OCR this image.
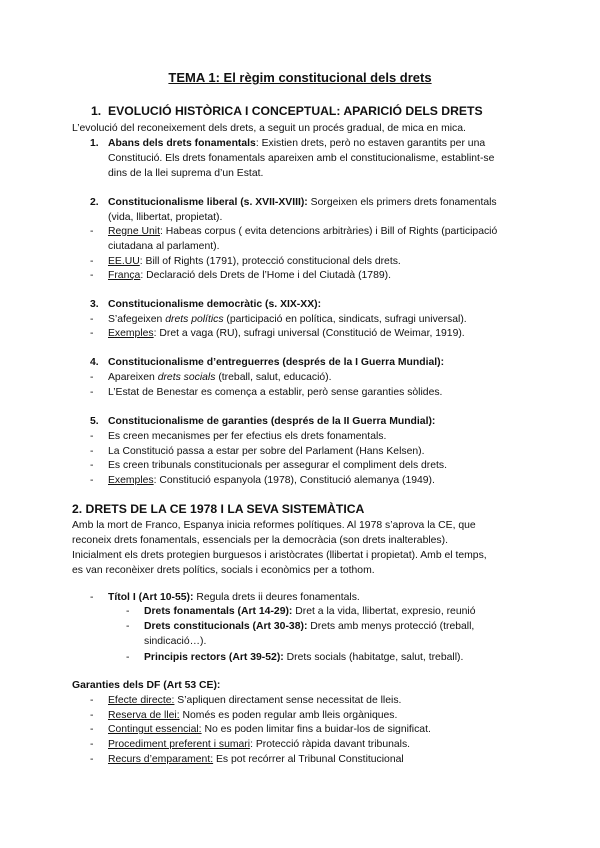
TEMA 1: El règim constitucional dels drets
1. EVOLUCIÓ HISTÒRICA I CONCEPTUAL: APARICIÓ DELS DRETS
L’evolució del reconeixement dels drets, a seguit un procés gradual, de mica en mica.
1. Abans dels drets fonamentals: Existien drets, però no estaven garantits per una
Constitució. Els drets fonamentals apareixen amb el constitucionalisme, establint-se
dins de la llei suprema d’un Estat.
2. Constitucionalisme liberal (s. XVII-XVIII): Sorgeixen els primers drets fonamentals
(vida, llibertat, propietat).
- Regne Unit: Habeas corpus ( evita detencions arbitràries) i Bill of Rights (participació
ciutadana al parlament).
- EE.UU: Bill of Rights (1791), protecció constitucional dels drets.
- França: Declaració dels Drets de l’Home i del Ciutadà (1789).
3. Constitucionalisme democràtic (s. XIX-XX):
- S’afegeixen drets polítics (participació en política, sindicats, sufragi universal).
- Exemples: Dret a vaga (RU), sufragi universal (Constitució de Weimar, 1919).
4. Constitucionalisme d’entreguerres (després de la I Guerra Mundial):
- Apareixen drets socials (treball, salut, educació).
- L’Estat de Benestar es comença a establir, però sense garanties sòlides.
5. Constitucionalisme de garanties (després de la II Guerra Mundial):
- Es creen mecanismes per fer efectius els drets fonamentals.
- La Constitució passa a estar per sobre del Parlament (Hans Kelsen).
- Es creen tribunals constitucionals per assegurar el compliment dels drets.
- Exemples: Constitució espanyola (1978), Constitució alemanya (1949).
2. DRETS DE LA CE 1978 I LA SEVA SISTEMÀTICA
Amb la mort de Franco, Espanya inicia reformes polítiques. Al 1978 s’aprova la CE, que
reconeix drets fonamentals, essencials per la democràcia (son drets inalterables).
Inicialment els drets protegien burguesos i aristòcrates (llibertat i propietat). Amb el temps,
es van reconèixer drets polítics, socials i econòmics per a tothom.
- Títol I (Art 10-55): Regula drets ii deures fonamentals.
- Drets fonamentals (Art 14-29): Dret a la vida, llibertat, expresio, reunió
- Drets constitucionals (Art 30-38): Drets amb menys protecció (treball,
sindicació…).
- Principis rectors (Art 39-52): Drets socials (habitatge, salut, treball).
Garanties dels DF (Art 53 CE):
- Efecte directe: S’apliquen directament sense necessitat de lleis.
- Reserva de llei: Només es poden regular amb lleis orgàniques.
- Contingut essencial: No es poden limitar fins a buidar-los de significat.
- Procediment preferent i sumari: Protecció ràpida davant tribunals.
- Recurs d’emparament: Es pot recórrer al Tribunal Constitucional
